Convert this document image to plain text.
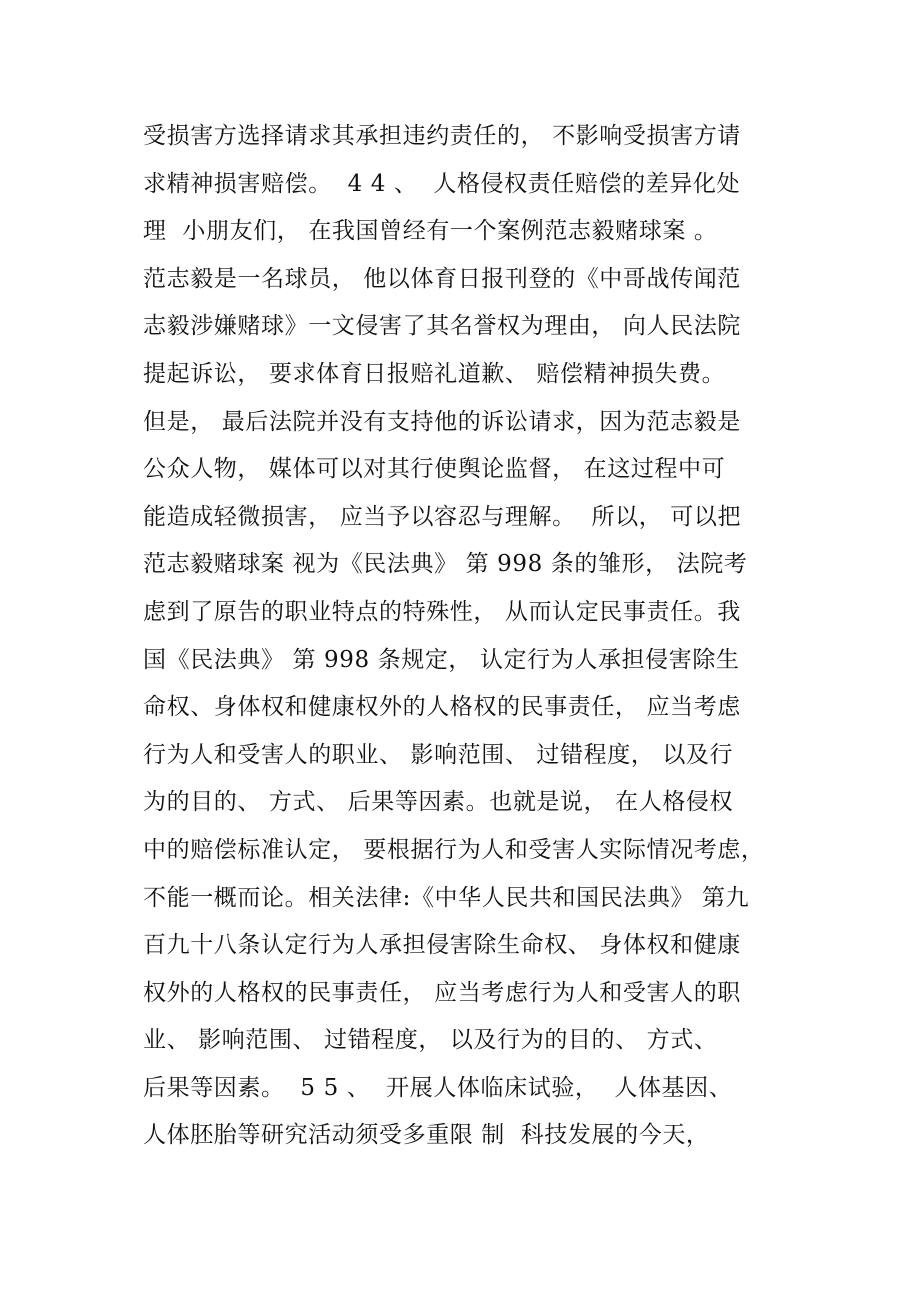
受损害方选择请求其承担违约责任的， 不影响受损害方请
求精神损害赔偿。  4 4 、  人格侵权责任赔偿的差异化处
理  小朋友们， 在我国曾经有一个案例范志毅赌球案 。
范志毅是一名球员， 他以体育日报刊登的《中哥战传闻范
志毅涉嫌赌球》一文侵害了其名誉权为理由， 向人民法院
提起诉讼， 要求体育日报赔礼道歉、 赔偿精神损失费。
但是， 最后法院并没有支持他的诉讼请求，因为范志毅是
公众人物， 媒体可以对其行使舆论监督， 在这过程中可
能造成轻微损害， 应当予以容忍与理解。  所以， 可以把
范志毅赌球案 视为《民法典》 第 998 条的雏形， 法院考
虑到了原告的职业特点的特殊性， 从而认定民事责任。我
国《民法典》 第 998 条规定， 认定行为人承担侵害除生
命权、身体权和健康权外的人格权的民事责任， 应当考虑
行为人和受害人的职业、 影响范围、 过错程度， 以及行
为的目的、 方式、 后果等因素。也就是说， 在人格侵权
中的赔偿标准认定， 要根据行为人和受害人实际情况考虑，
不能一概而论。相关法律:《中华人民共和国民法典》 第九
百九十八条认定行为人承担侵害除生命权、 身体权和健康
权外的人格权的民事责任， 应当考虑行为人和受害人的职
业、 影响范围、 过错程度， 以及行为的目的、 方式、
后果等因素。  5 5 、  开展人体临床试验，  人体基因、
人体胚胎等研究活动须受多重限 制  科技发展的今天，
